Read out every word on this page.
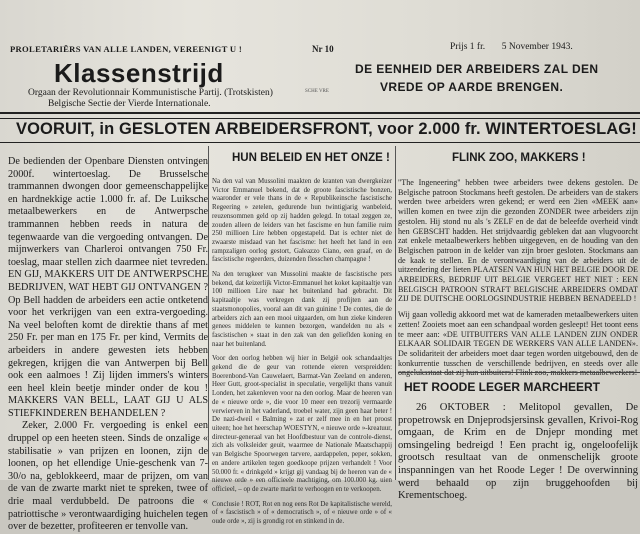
PROLETARIËRS VAN ALLE LANDEN, VEREENIGT U !	Nr 10	Prijs 1 fr. 5 November 1943.
Klassenstrijd
Orgaan der Revolutionnair Kommunistische Partij. (Trotskisten)
Belgische Sectie der Vierde Internationale.
SCHE VRE
DE EENHEID DER ARBEIDERS ZAL DEN
VREDE OP AARDE BRENGEN.
VOORUIT, in GESLOTEN ARBEIDERSFRONT, voor 2.000 fr. WINTERTOESLAG!

De bedienden der Openbare Diensten ontvingen 2000f. wintertoeslag. De Brusselsche trammannen dwongen door gemeenschappelijke en hardnekkige actie 1.000 fr. af. De Luiksche metaalbewerkers en de Antwerpsche trammannen hebben reeds in natura de tegenwaarde van die vergoeding ontvangen. De mijnwerkers van Charleroi ontvangen 750 Fr. toeslag, maar stellen zich daarmee niet tevreden. EN GIJ, MAKKERS UIT DE ANTWERPSCHE BEDRIJVEN, WAT HEBT GIJ ONTVANGEN ? Op Bell hadden de arbeiders een actie ontketend voor het verkrijgen van een extra-vergoeding. Na veel beloften komt de direktie thans af met 250 Fr. per man en 175 Fr. per kind, Vermits de arbeiders in andere gewesten iets hebben gekregen, krijgen die van Antwerpen bij Bell ook een aalmoes ! Zij lijden immers's winters een heel klein beetje minder onder de kou ! MAKKERS VAN BELL, LAAT GIJ U ALS STIEFKINDEREN BEHANDELEN ?

Zeker, 2.000 Fr. vergoeding is enkel een druppel op een heeten steen. Sinds de onzalige « stabilisatie » van prijzen en loonen, zijn de loonen, op het ellendige Unie-geschenk van 7-30/o na, geblokkeerd, maar de prijzen, om van de van de zwarte markt niet te spreken, twee of drie maal verdubbeld. De patroons die « patriottische » verontwaardiging huichelen tegen over de bezetter, profiteeren er tenvolle van.

HUN BELEID EN HET ONZE !

Na den val van Mussolini maakten de kranten van dwergkeizer Victor Emmanuel bekend, dat de groote fascistische bonzen, waaronder er vele thans in de « Republikeinsche fascistische Regeering » zetelen, gedurende hun twintigjarig wanbeleid, reuzensommen geld op zij hadden gelegd. In totaal zeggen ze, zouden alleen de leiders van het fascisme en hun familie ruim 250 millioen Lire hebben opgestapeld. Dat is echter niet de zwaarste misdaad van het fascisme: het heeft het land in een rampzaligen oorlog gestort, Galeazzo Ciano, een graaf, en de fascistische regeerders, duizenden flesschen champagne !

Na den terugkeer van Mussolini maakte de fascistische pers bekend, dat keizerlijk Victor-Emmanuel het koket kapitaaltje van 100 millioen Lire naar het buitenland had gebracht. Dit kapitaaltje was verkregen dank zij profijten aan de staatsmonopolies, vooral aan dit van guinine ! De contes, die de arbeiders zich aan een mooi uitgaarden, om hun zieke kinderen genees middelen te kunnen bezorgen, wandelden nu als « fascistischen » staat in den zak van den gelieflden koning en naar het buitenland.

Voor den oorlog hebben wij hier in België ook schandaaltjes gekend die de geur van rottende eieren verspreidden: Boerenbond-Van Cauwelaert, Barmat-Van Zeeland en anderen, Heer Gutt, groot-specialist in speculatie, vergelijkt thans vanuit Londen, het zakenleven voor na den oorlog. Maar de heeren van de « nieuwe orde », die voor 10 meer een trezorij vermaarde verwierven in het vaderland, troebel water, zijn geen haar beter ! De nazi-dweil « Balming » zat er zelf mee in en het proost uiteen; hoe het heerschap WOESTYN, « nieuwe orde »-kreatuur, directeur-generaal van het Hoofdbestuur van de controle-dienst, zich als volksleider geuit, waarmee de Nationale Maatschappij van Belgische Spoorwegen tarvere, aardappelen, peper, sokken, en andere artikelen tegen goedkoope prijzen verhandelt ! Voor 50.000 fr. « drinkgeld » krijgt gij vandaag bij de heeren van de « nieuwe orde » een officieele machtiging, om 100.000 kg. uien officieel, – op de zwarte markt te verhoogen en te verkoopen.

Conclusie ! ROT, Rot en nog eens Rot De kapitalistische wereld, of « fascistisch » of « democratisch », of « nieuwe orde » of « oude orde », zij is grondig rot en stinkend in de.

FLINK ZOO, MAKKERS !

"The Ingeneering" hebben twee arbeiders twee dekens gestolen. De Belgische patroon Stockmans heeft gestolen. De arbeiders van de stakers werden twee arbeiders wren gekend; er werd een 2ien «MEEK aan» willen komen en twee zijn die gezonden ZONDER twee arbeiders zijn gestolen. Hij stond nu als 's ZELF en de dat de beleefde overheid vindt hen GEBSCHT hadden. Het strijdvaardig gebleken dat aan vlugvoorcht zat enkele metaalbewerkers hebben uitgegeven, en de houding van den Belgischen patroon in de kelder van zijn broer gesloten. Stockmans aan de kaak te stellen. En de verontwaardiging van de arbeiders uit de uitzendering der lieten PLAATSEN VAN HUN HET BELGIE DOOR DE ARBEIDERS, BEDRIJF UIT BELGIE VERGEET HET NIET : EEN BELGISCH PATROON STRAFT BELGISCHE ARBEIDERS OMDAT ZIJ DE DUITSCHE OORLOGSINDUSTRIE HEBBEN BENADEELD !

Wij gaan volledig akkoord met wat de kameraden metaalbewerkers uiten zetten! Zooiets moet aan een schandpaal worden gesleept! Het toont eens te meer aan: «DE UITBUITERS VAN ALLE LANDEN ZIJN ONDER ELKAAR SOLIDAIR TEGEN DE WERKERS VAN ALLE LANDEN». De solidariteit der arbeiders moet daar tegen worden uitgebouwd, den de konkurrentie tusschen de verschillende bedrijven, en steeds over alle

HET ROODE LEGER MARCHEERT

26 OKTOBER : Melitopol gevallen, De propetrowsk en Dnjeprodsjersinsk gevallen, Krivoi-Rog omgaan, de Krim en de Dnjepr monding met omsingeling bedreigd ! Een pracht ig, ongeloofelijk grootsch resultaat van de onmenschelijk groote inspanningen van het Roode Leger ! De overwinning werd behaald op zijn bruggehoofden bij Krementschoeg.
